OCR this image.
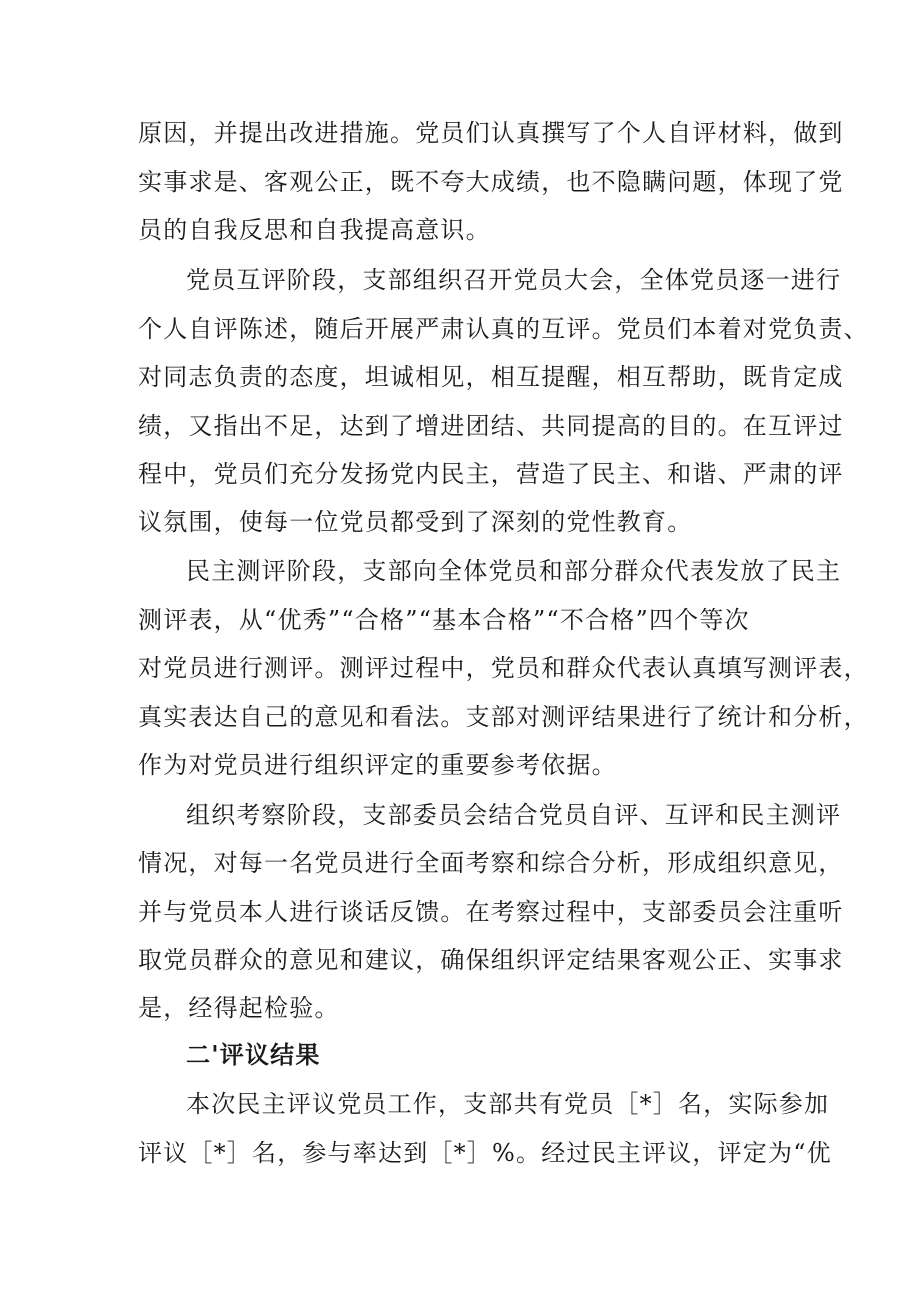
原因，并提出改进措施。党员们认真撰写了个人自评材料，做到
实事求是、客观公正，既不夸大成绩，也不隐瞒问题，体现了党
员的自我反思和自我提高意识。
党员互评阶段，支部组织召开党员大会，全体党员逐一进行
个人自评陈述，随后开展严肃认真的互评。党员们本着对党负责、
对同志负责的态度，坦诚相见，相互提醒，相互帮助，既肯定成
绩，又指出不足，达到了增进团结、共同提高的目的。在互评过
程中，党员们充分发扬党内民主，营造了民主、和谐、严肃的评
议氛围，使每一位党员都受到了深刻的党性教育。
民主测评阶段，支部向全体党员和部分群众代表发放了民主
测评表，从“优秀”“合格”“基本合格”“不合格”四个等次
对党员进行测评。测评过程中，党员和群众代表认真填写测评表，
真实表达自己的意见和看法。支部对测评结果进行了统计和分析，
作为对党员进行组织评定的重要参考依据。
组织考察阶段，支部委员会结合党员自评、互评和民主测评
情况，对每一名党员进行全面考察和综合分析，形成组织意见，
并与党员本人进行谈话反馈。在考察过程中，支部委员会注重听
取党员群众的意见和建议，确保组织评定结果客观公正、实事求
是，经得起检验。
二'评议结果
本次民主评议党员工作，支部共有党员［*］名，实际参加
评议［*］名，参与率达到［*］%。经过民主评议，评定为“优
